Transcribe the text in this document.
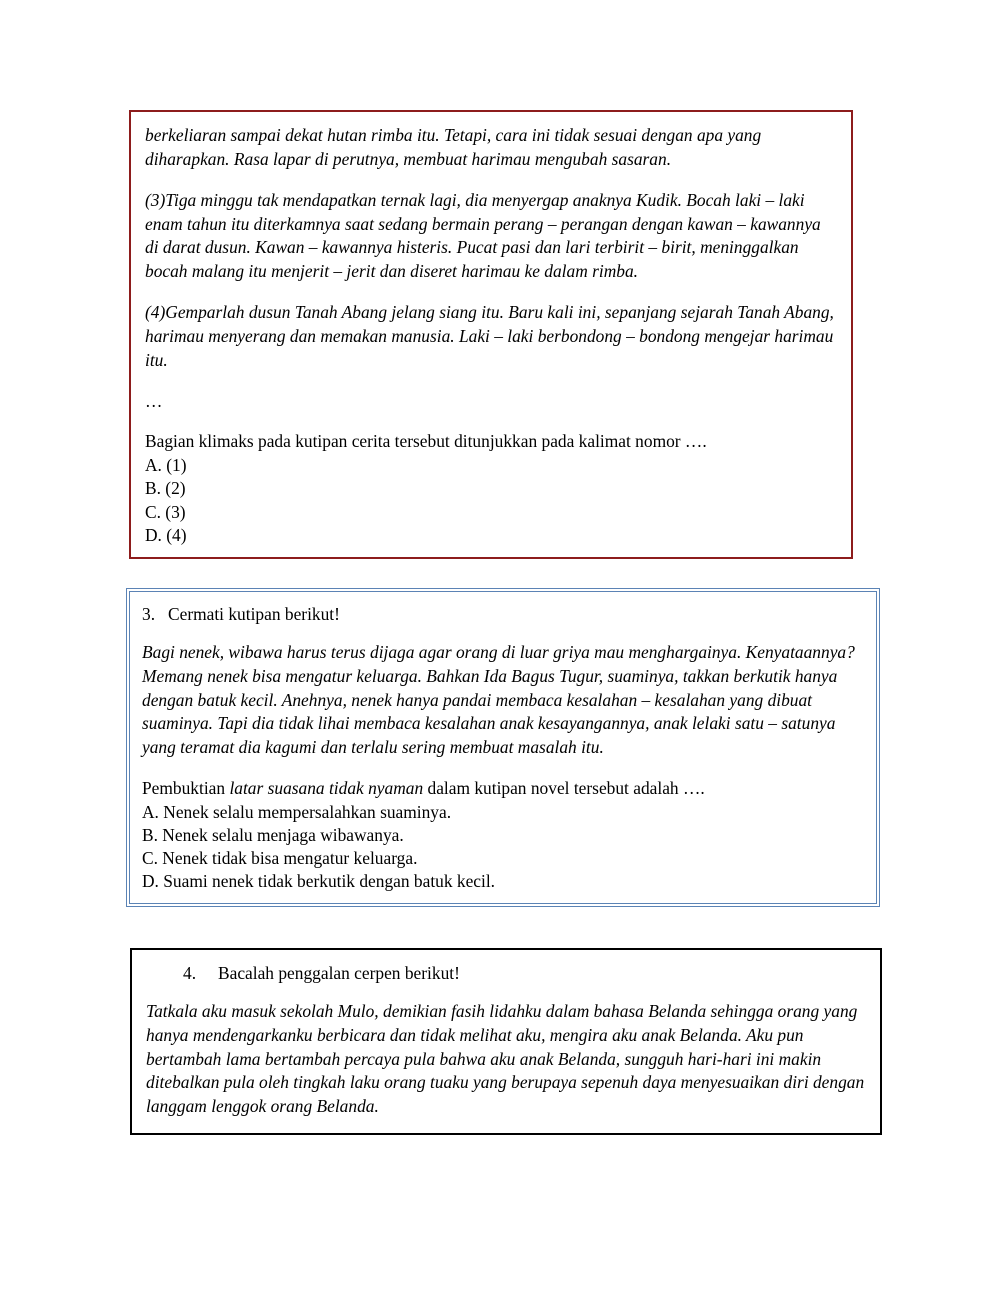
berkeliaran sampai dekat hutan rimba itu. Tetapi, cara ini tidak sesuai dengan apa yang diharapkan. Rasa lapar di perutnya, membuat harimau mengubah sasaran.

(3)Tiga minggu tak mendapatkan ternak lagi, dia menyergap anaknya Kudik. Bocah laki – laki enam tahun itu diterkamnya saat sedang bermain perang – perangan dengan kawan – kawannya di darat dusun. Kawan – kawannya histeris. Pucat pasi dan lari terbirit – birit, meninggalkan bocah malang itu menjerit – jerit dan diseret harimau ke dalam rimba.

(4)Gemparlah dusun Tanah Abang jelang siang itu. Baru kali ini, sepanjang sejarah Tanah Abang, harimau menyerang dan memakan manusia. Laki – laki berbondong – bondong mengejar harimau itu.

…

Bagian klimaks pada kutipan cerita tersebut ditunjukkan pada kalimat nomor ….

A. (1)
B. (2)
C. (3)
D. (4)

3. Cermati kutipan berikut!

Bagi nenek, wibawa harus terus dijaga agar orang di luar griya mau menghargainya. Kenyataannya? Memang nenek bisa mengatur keluarga. Bahkan Ida Bagus Tugur, suaminya, takkan berkutik hanya dengan batuk kecil. Anehnya, nenek hanya pandai membaca kesalahan – kesalahan yang dibuat suaminya. Tapi dia tidak lihai membaca kesalahan anak kesayangannya, anak lelaki satu – satunya yang teramat dia kagumi dan terlalu sering membuat masalah itu.

Pembuktian latar suasana tidak nyaman dalam kutipan novel tersebut adalah ….

A. Nenek selalu mempersalahkan suaminya.
B. Nenek selalu menjaga wibawanya.
C. Nenek tidak bisa mengatur keluarga.
D. Suami nenek tidak berkutik dengan batuk kecil.

4. Bacalah penggalan cerpen berikut!

Tatkala aku masuk sekolah Mulo, demikian fasih lidahku dalam bahasa Belanda sehingga orang yang hanya mendengarkanku berbicara dan tidak melihat aku, mengira aku anak Belanda. Aku pun bertambah lama bertambah percaya pula bahwa aku anak Belanda, sungguh hari-hari ini makin ditebalkan pula oleh tingkah laku orang tuaku yang berupaya sepenuh daya menyesuaikan diri dengan langgam lenggok orang Belanda.
